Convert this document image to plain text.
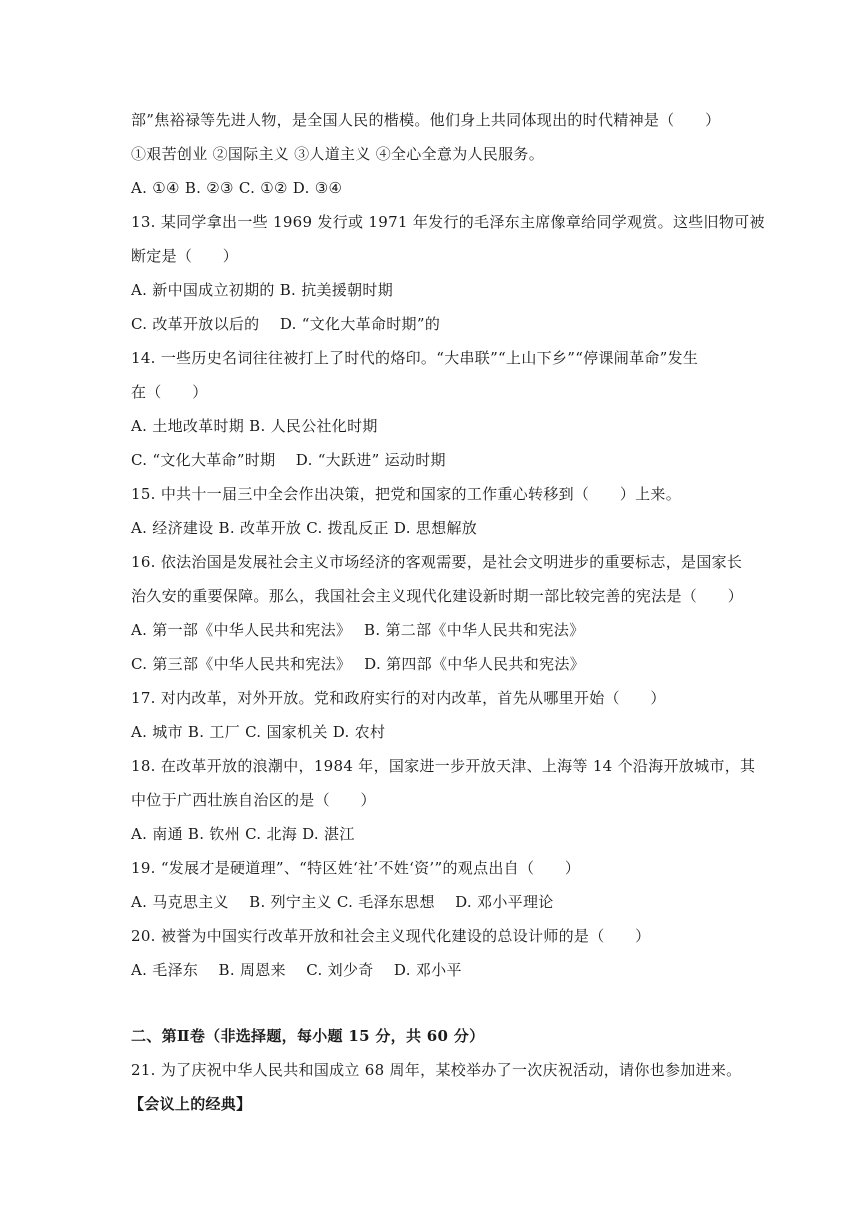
部”焦裕禄等先进人物，是全国人民的楷模。他们身上共同体现出的时代精神是（　　）
①艰苦创业 ②国际主义 ③人道主义 ④全心全意为人民服务。
A. ①④ B. ②③ C. ①② D. ③④
13. 某同学拿出一些 1969 发行或 1971 年发行的毛泽东主席像章给同学观赏。这些旧物可被
断定是（　　）
A. 新中国成立初期的 B. 抗美援朝时期
C. 改革开放以后的　 D. “文化大革命时期”的
14. 一些历史名词往往被打上了时代的烙印。“大串联”“上山下乡”“停课闹革命”发生
在（　　）
A. 土地改革时期 B. 人民公社化时期
C. “文化大革命”时期　 D. “大跃进” 运动时期
15. 中共十一届三中全会作出决策，把党和国家的工作重心转移到（　　）上来。
A. 经济建设 B. 改革开放 C. 拨乱反正 D. 思想解放
16. 依法治国是发展社会主义市场经济的客观需要，是社会文明进步的重要标志，是国家长
治久安的重要保障。那么，我国社会主义现代化建设新时期一部比较完善的宪法是（　　）
A. 第一部《中华人民共和宪法》　 B. 第二部《中华人民共和宪法》
C. 第三部《中华人民共和宪法》　 D. 第四部《中华人民共和宪法》
17. 对内改革，对外开放。党和政府实行的对内改革，首先从哪里开始（　　）
A. 城市 B. 工厂 C. 国家机关 D. 农村
18. 在改革开放的浪潮中，1984 年，国家进一步开放天津、上海等 14 个沿海开放城市，其
中位于广西壮族自治区的是（　　）
A. 南通 B. 钦州 C. 北海 D. 湛江
19. “发展才是硬道理”、“特区姓‘社’不姓‘资’”的观点出自（　　）
A. 马克思主义　 B. 列宁主义 C. 毛泽东思想　 D. 邓小平理论
20. 被誉为中国实行改革开放和社会主义现代化建设的总设计师的是（　　）
A. 毛泽东　 B. 周恩来　 C. 刘少奇　 D. 邓小平
二、第Ⅱ卷（非选择题，每小题 15 分，共 60 分）
21. 为了庆祝中华人民共和国成立 68 周年，某校举办了一次庆祝活动，请你也参加进来。
【会议上的经典】
